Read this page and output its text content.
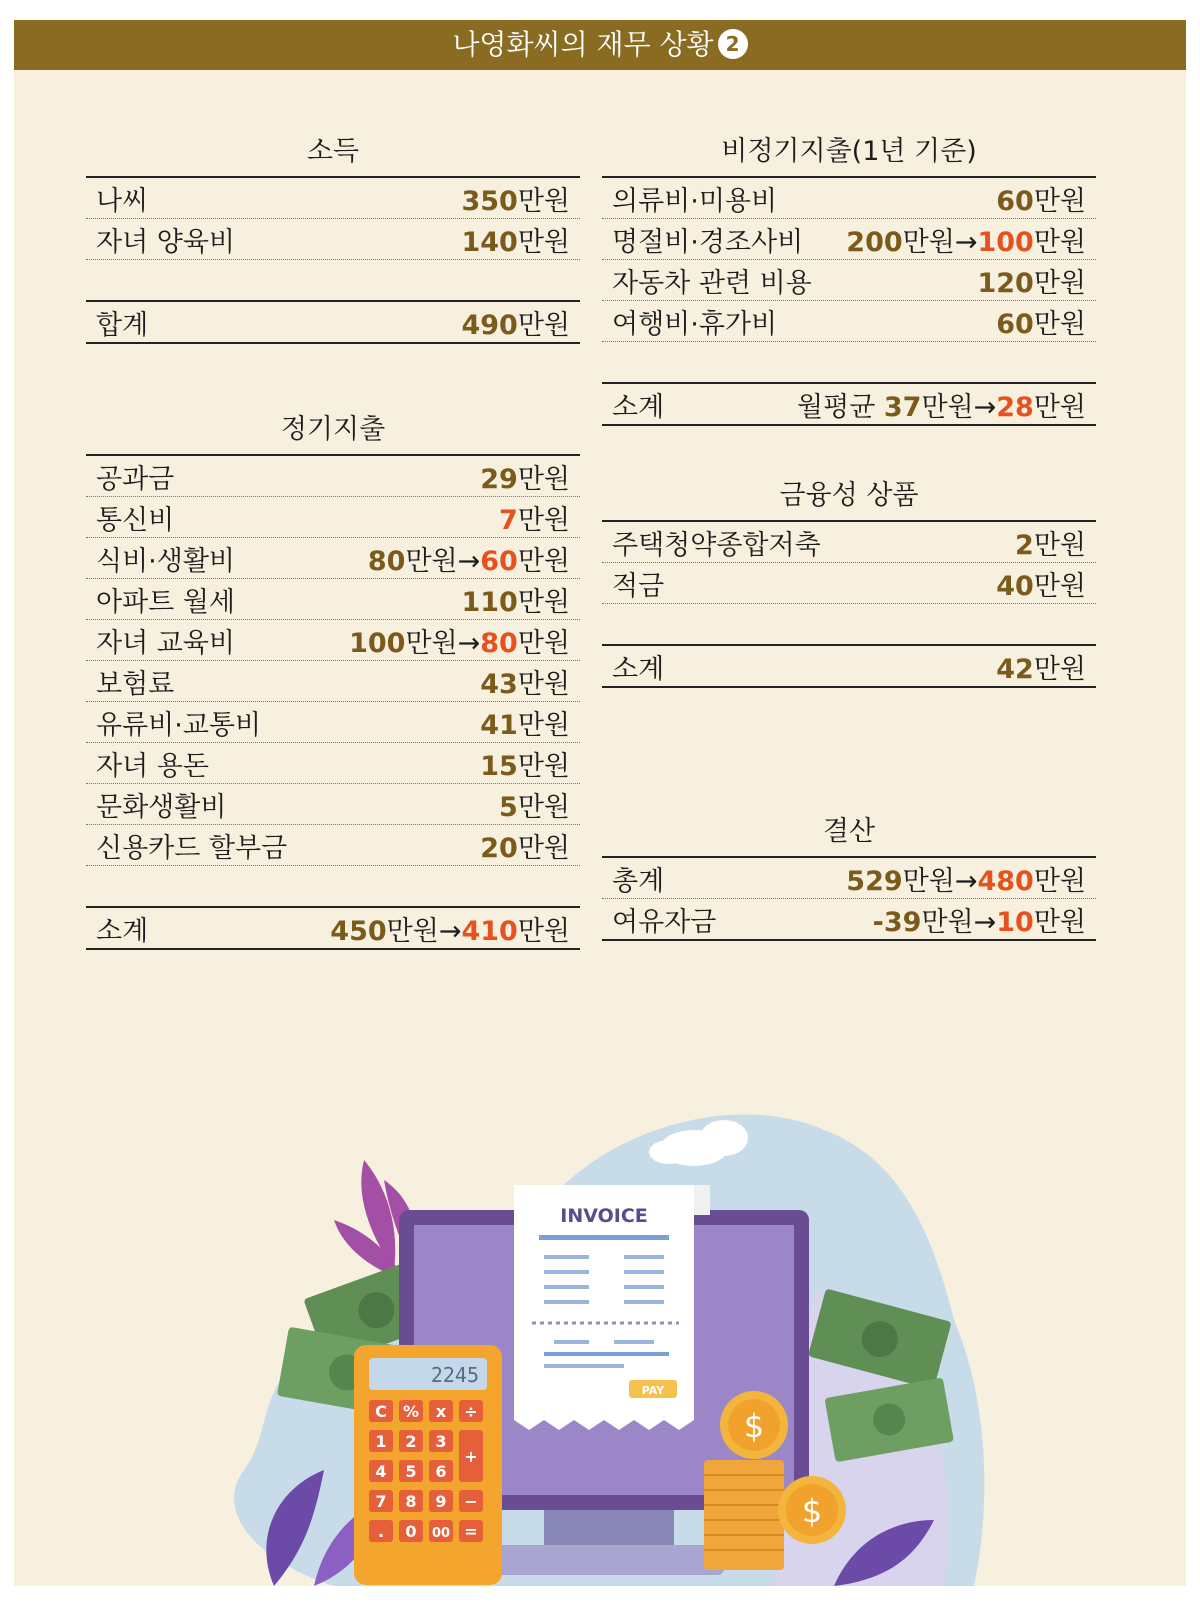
나영화씨의 재무 상황 2
소득
나씨	350만원
자녀 양육비	140만원
합계	490만원
정기지출
공과금	29만원
통신비	7만원
식비·생활비	80만원→60만원
아파트 월세	110만원
자녀 교육비	100만원→80만원
보험료	43만원
유류비·교통비	41만원
자녀 용돈	15만원
문화생활비	5만원
신용카드 할부금	20만원
소계	450만원→410만원
비정기지출(1년 기준)
의류비·미용비	60만원
명절비·경조사비 200만원→100만원
자동차 관련 비용	120만원
여행비·휴가비	60만원
소계	월평균 37만원→28만원
금융성 상품
주택청약종합저축	2만원
적금	40만원
소계	42만원
결산
총계	529만원→480만원
여유자금	-39만원→10만원
INVOICE
PAY
2245
C % x ÷
1 2 3
+
4 5 6
7 8 9 −
. 0 00 =
$
$
